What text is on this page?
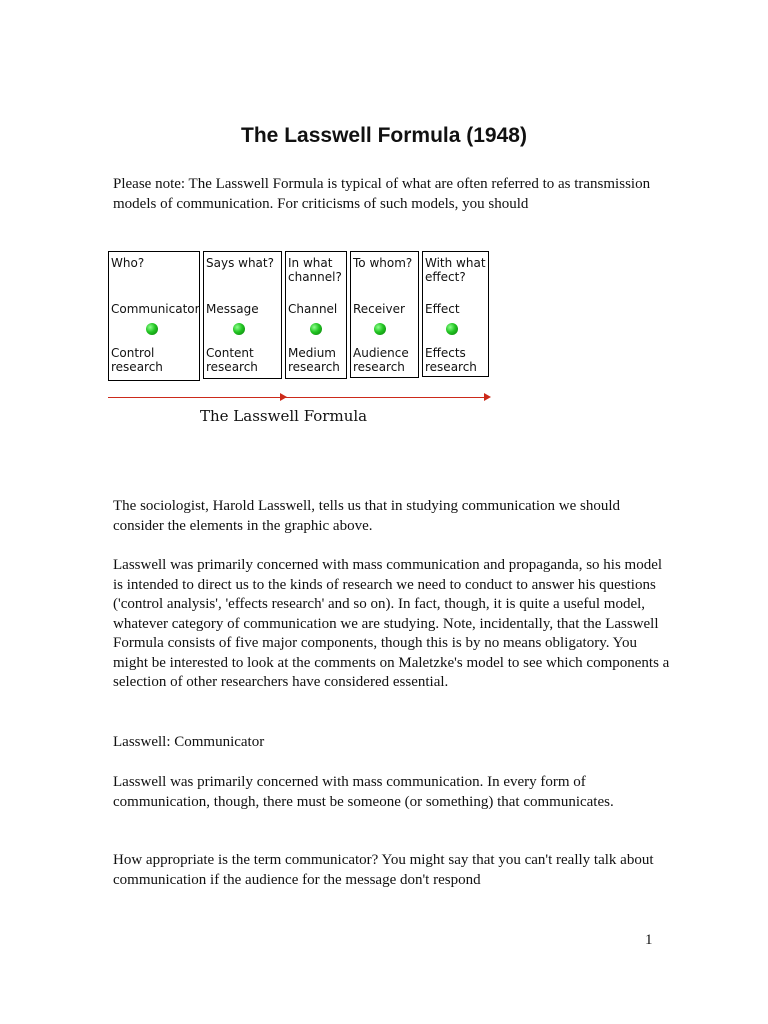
The Lasswell Formula (1948)

Please note: The Lasswell Formula is typical of what are often referred to as transmission models of communication. For criticisms of such models, you should

Who?
Communicator
Control
research
Says what?
Message
Content
research
In what
channel?
Channel
Medium
research
To whom?
Receiver
Audience
research
With what
effect?
Effect
Effects
research
The Lasswell Formula

The sociologist, Harold Lasswell, tells us that in studying communication we should consider the elements in the graphic above.

Lasswell was primarily concerned with mass communication and propaganda, so his model is intended to direct us to the kinds of research we need to conduct to answer his questions ('control analysis', 'effects research' and so on). In fact, though, it is quite a useful model, whatever category of communication we are studying. Note, incidentally, that the Lasswell Formula consists of five major components, though this is by no means obligatory. You might be interested to look at the comments on Maletzke's model to see which components a selection of other researchers have considered essential.

Lasswell: Communicator

Lasswell was primarily concerned with mass communication. In every form of communication, though, there must be someone (or something) that communicates.

How appropriate is the term communicator? You might say that you can't really talk about communication if the audience for the message don't respond

1
